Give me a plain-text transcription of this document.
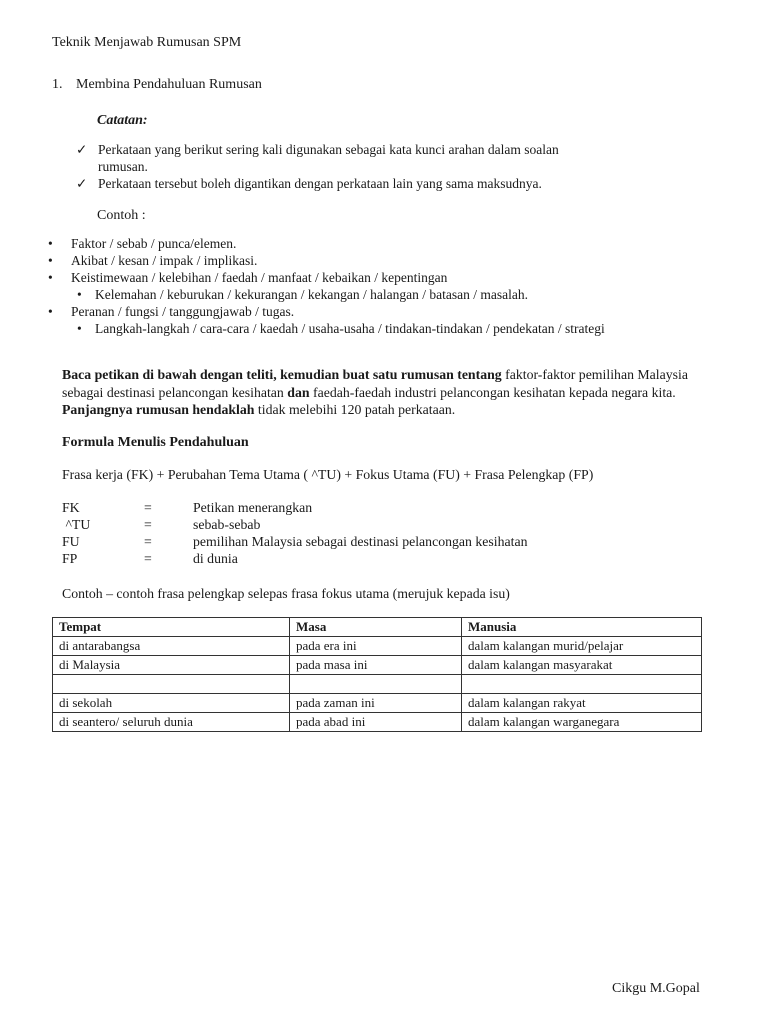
Teknik Menjawab Rumusan SPM
1. Membina Pendahuluan Rumusan
Catatan:
✓ Perkataan yang berikut sering kali digunakan sebagai kata kunci arahan dalam soalan
rumusan.
✓ Perkataan tersebut boleh digantikan dengan perkataan lain yang sama maksudnya.
Contoh :
• Faktor / sebab / punca/elemen.
• Akibat / kesan / impak / implikasi.
• Keistimewaan / kelebihan / faedah / manfaat / kebaikan / kepentingan
• Kelemahan / keburukan / kekurangan / kekangan / halangan / batasan / masalah.
• Peranan / fungsi / tanggungjawab / tugas.
• Langkah-langkah / cara-cara / kaedah / usaha-usaha / tindakan-tindakan / pendekatan / strategi
Baca petikan di bawah dengan teliti, kemudian buat satu rumusan tentang faktor-faktor pemilihan Malaysia sebagai destinasi pelancongan kesihatan dan faedah-faedah industri pelancongan kesihatan kepada negara kita. Panjangnya rumusan hendaklah tidak melebihi 120 patah perkataan.
Formula Menulis Pendahuluan
Frasa kerja (FK) + Perubahan Tema Utama ( ^TU) + Fokus Utama (FU) + Frasa Pelengkap (FP)
FK	=	Petikan menerangkan
^TU	=	sebab-sebab
FU	=	pemilihan Malaysia sebagai destinasi pelancongan kesihatan
FP	=	di dunia
Contoh – contoh frasa pelengkap selepas frasa fokus utama (merujuk kepada isu)
Tempat	Masa	Manusia
di antarabangsa	pada era ini	dalam kalangan murid/pelajar
di Malaysia	pada masa ini	dalam kalangan masyarakat

di sekolah	pada zaman ini	dalam kalangan rakyat
di seantero/ seluruh dunia	pada abad ini	dalam kalangan warganegara
Cikgu M.Gopal
